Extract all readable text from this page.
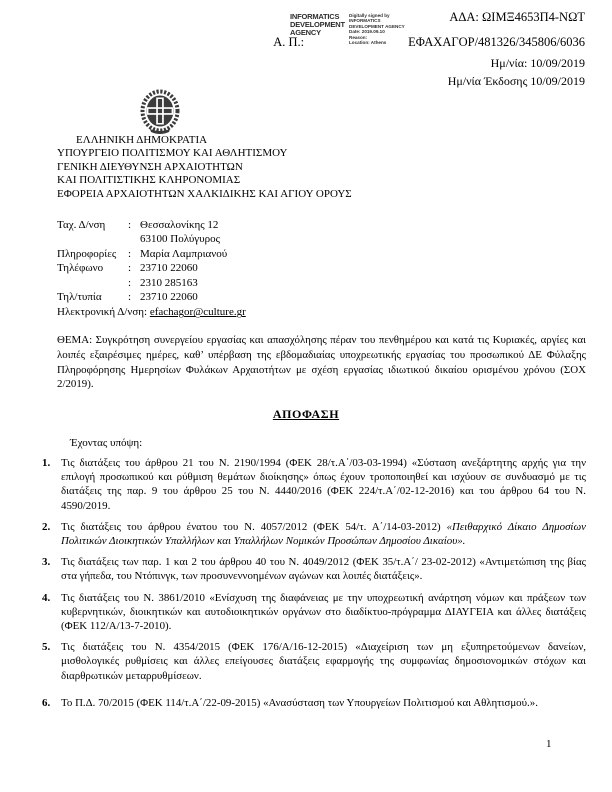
ΑΔΑ: ΩΙΜΞ4653Π4-ΝΩΤ
Α. Π.:	ΕΦΑΧΑΓΟΡ/481326/345806/6036
Ημ/νία: 10/09/2019
Ημ/νία Έκδοσης 10/09/2019
INFORMATICS
DEVELOPMENT
AGENCY
Digitally signed by
INFORMATICS
DEVELOPMENT AGENCY
Date: 2019.09.10
Reason:
Location: Athens
ΕΛΛΗΝΙΚΗ ΔΗΜΟΚΡΑΤΙΑ
ΥΠΟΥΡΓΕΙΟ ΠΟΛΙΤΙΣΜΟΥ ΚΑΙ ΑΘΛΗΤΙΣΜΟΥ
ΓΕΝΙΚΗ ΔΙΕΥΘΥΝΣΗ ΑΡΧΑΙΟΤΗΤΩΝ
ΚΑΙ ΠΟΛΙΤΙΣΤΙΚΗΣ ΚΛΗΡΟΝΟΜΙΑΣ
ΕΦΟΡΕΙΑ ΑΡΧΑΙΟΤΗΤΩΝ ΧΑΛΚΙΔΙΚΗΣ ΚΑΙ ΑΓΙΟΥ ΟΡΟΥΣ
Ταχ. Δ/νση	: Θεσσαλονίκης 12
63100 Πολύγυρος
Πληροφορίες	: Μαρία Λαμπριανού
Τηλέφωνο	: 23710 22060
: 2310 285163
Τηλ/τυπία	: 23710 22060
Ηλεκτρονική Δ/νση: efachagor@culture.gr
ΘΕΜΑ: Συγκρότηση συνεργείου εργασίας και απασχόλησης πέραν του πενθημέρου και κατά τις Κυριακές, αργίες και λοιπές εξαιρέσιμες ημέρες, καθ’ υπέρβαση της εβδομαδιαίας υποχρεωτικής εργασίας του προσωπικού ΔΕ Φύλαξης Πληροφόρησης Ημερησίων Φυλάκων Αρχαιοτήτων με σχέση εργασίας ιδιωτικού δικαίου ορισμένου χρόνου (ΣΟΧ 2/2019).
ΑΠΟΦΑΣΗ
Έχοντας υπόψη:
1. Τις διατάξεις του άρθρου 21 του Ν. 2190/1994 (ΦΕΚ 28/τ.Α΄/03-03-1994) «Σύσταση ανεξάρτητης αρχής για την επιλογή προσωπικού και ρύθμιση θεμάτων διοίκησης» όπως έχουν τροποποιηθεί και ισχύουν σε συνδυασμό με τις διατάξεις της παρ. 9 του άρθρου 25 του Ν. 4440/2016 (ΦΕΚ 224/τ.Α΄/02-12-2016) και του άρθρου 64 του Ν. 4590/2019.
2. Τις διατάξεις του άρθρου ένατου του Ν. 4057/2012 (ΦΕΚ 54/τ. Α΄/14-03-2012) «Πειθαρχικό Δίκαιο Δημοσίων Πολιτικών Διοικητικών Υπαλλήλων και Υπαλλήλων Νομικών Προσώπων Δημοσίου Δικαίου».
3. Τις διατάξεις των παρ. 1 και 2 του άρθρου 40 του Ν. 4049/2012 (ΦΕΚ 35/τ.Α΄/ 23-02-2012) «Αντιμετώπιση της βίας στα γήπεδα, του Ντόπινγκ, των προσυνεννοημένων αγώνων και λοιπές διατάξεις».
4. Τις διατάξεις του Ν. 3861/2010 «Ενίσχυση της διαφάνειας με την υποχρεωτική ανάρτηση νόμων και πράξεων των κυβερνητικών, διοικητικών και αυτοδιοικητικών οργάνων στο διαδίκτυο-πρόγραμμα ΔΙΑΥΓΕΙΑ και άλλες διατάξεις (ΦΕΚ 112/Α/13-7-2010).
5. Τις διατάξεις του Ν. 4354/2015 (ΦΕΚ 176/Α/16-12-2015) «Διαχείριση των μη εξυπηρετούμενων δανείων, μισθολογικές ρυθμίσεις και άλλες επείγουσες διατάξεις εφαρμογής της συμφωνίας δημοσιονομικών στόχων και διαρθρωτικών μεταρρυθμίσεων.
6. Το Π.Δ. 70/2015 (ΦΕΚ 114/τ.Α΄/22-09-2015) «Ανασύσταση των Υπουργείων Πολιτισμού και Αθλητισμού.».
1
